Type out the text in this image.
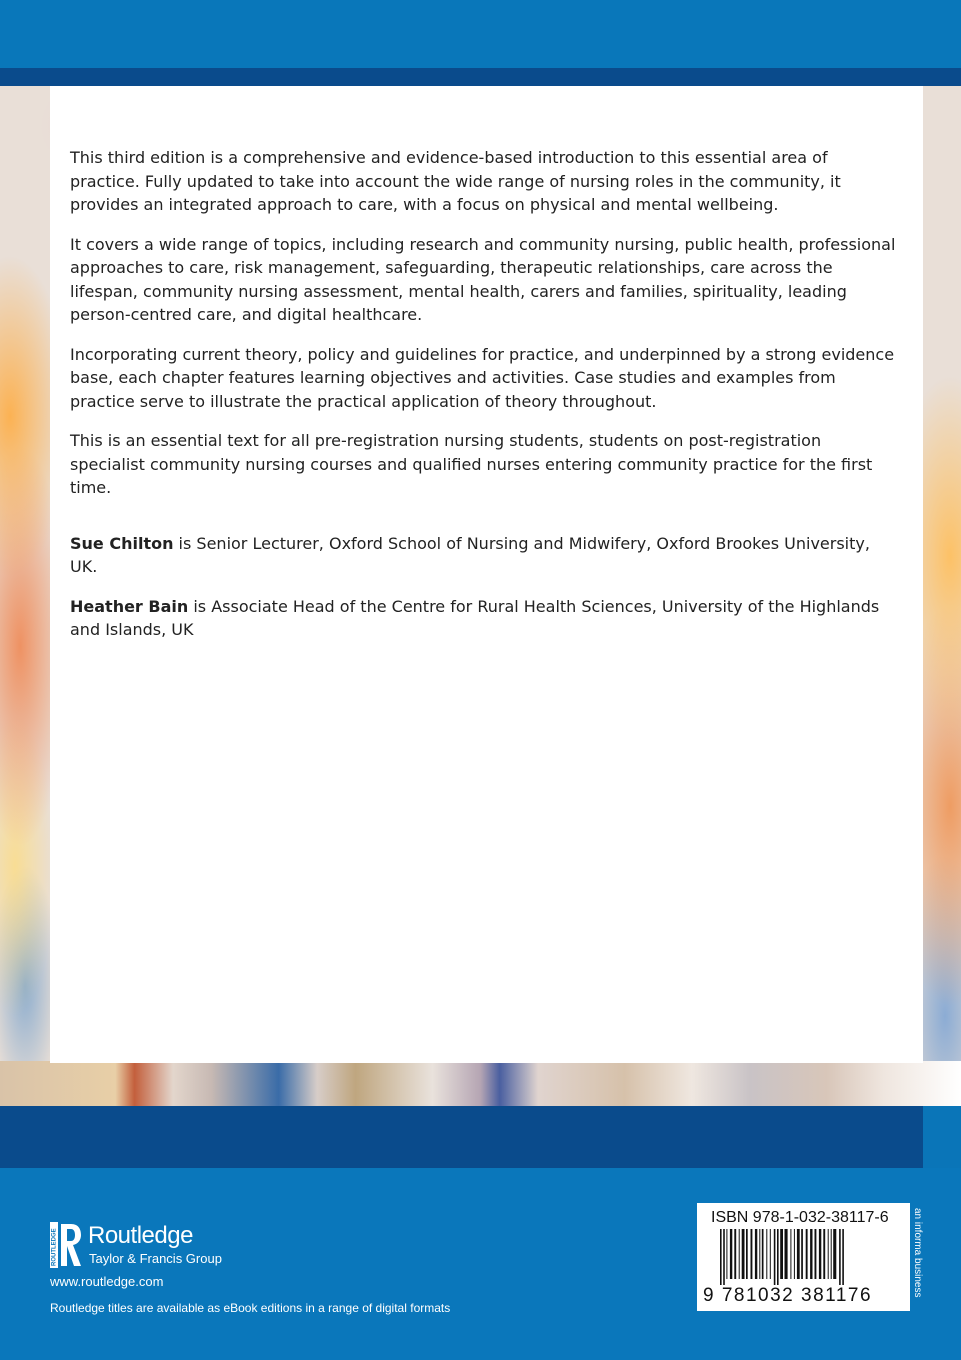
This third edition is a comprehensive and evidence-based introduction to this essential area of practice. Fully updated to take into account the wide range of nursing roles in the community, it provides an integrated approach to care, with a focus on physical and mental wellbeing.

It covers a wide range of topics, including research and community nursing, public health, professional approaches to care, risk management, safeguarding, therapeutic relationships, care across the lifespan, community nursing assessment, mental health, carers and families, spirituality, leading person-centred care, and digital healthcare.

Incorporating current theory, policy and guidelines for practice, and underpinned by a strong evidence base, each chapter features learning objectives and activities. Case studies and examples from practice serve to illustrate the practical application of theory throughout.

This is an essential text for all pre-registration nursing students, students on post-registration specialist community nursing courses and qualified nurses entering community practice for the first time.

Sue Chilton is Senior Lecturer, Oxford School of Nursing and Midwifery, Oxford Brookes University, UK.

Heather Bain is Associate Head of the Centre for Rural Health Sciences, University of the Highlands and Islands, UK

ROUTLEDGE Routledge
Taylor & Francis Group
www.routledge.com
Routledge titles are available as eBook editions in a range of digital formats
ISBN 978-1-032-38117-6
9 781032 381176	an informa business
